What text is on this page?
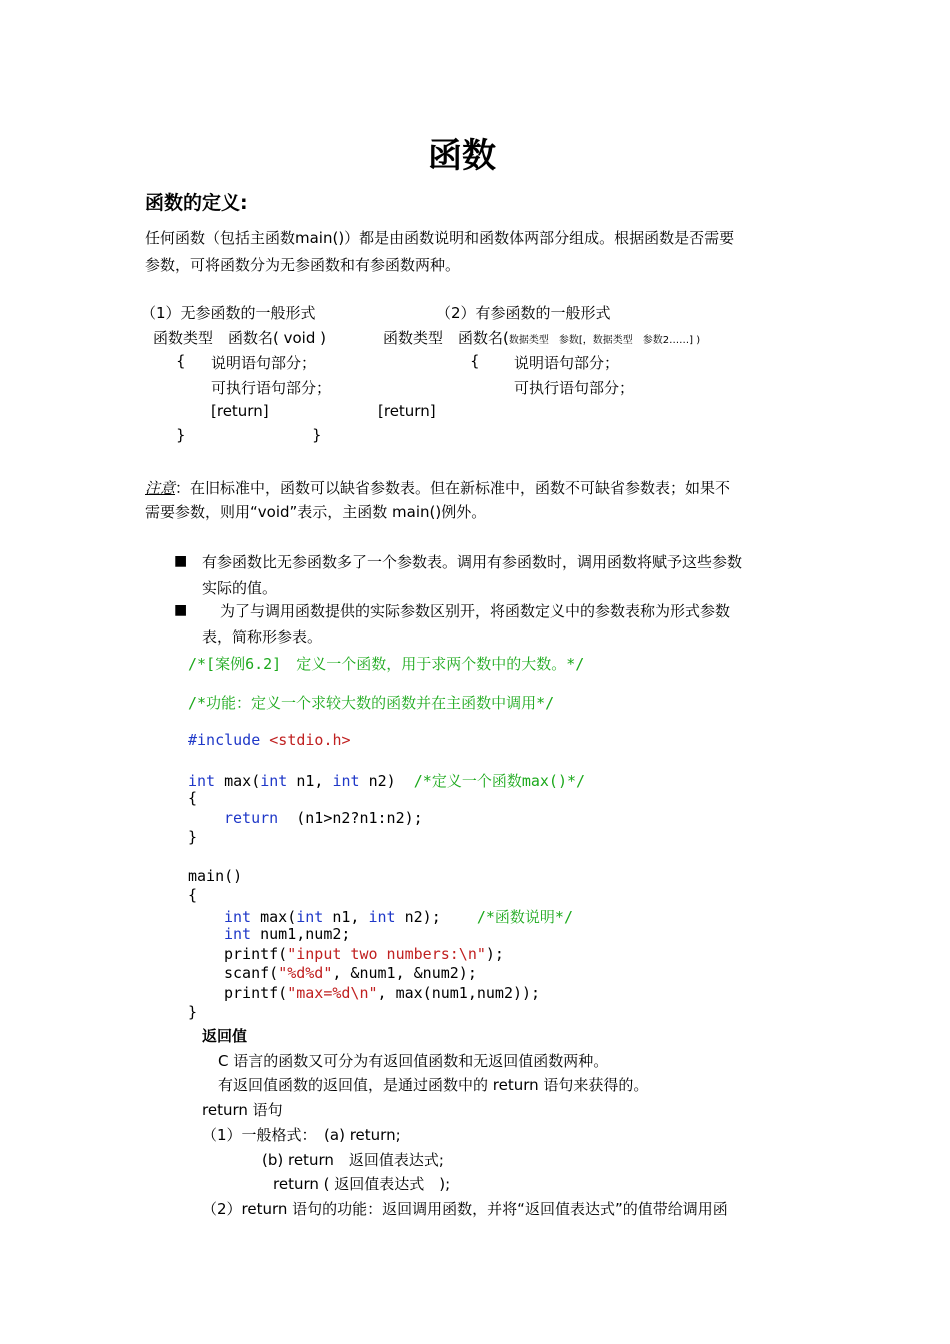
函数
函数的定义:
任何函数（包括主函数main()）都是由函数说明和函数体两部分组成。根据函数是否需要
参数，可将函数分为无参函数和有参函数两种。
（1）无参函数的一般形式	（2）有参函数的一般形式
函数类型　函数名( void )	函数类型　函数名(数据类型　参数[，数据类型　参数2……] )
{ 说明语句部分；	{ 说明语句部分；
可执行语句部分；	可执行语句部分；
[return]	[return]
}	}
注意：在旧标准中，函数可以缺省参数表。但在新标准中，函数不可缺省参数表；如果不
需要参数，则用“void”表示，主函数 main()例外。
■ 有参函数比无参函数多了一个参数表。调用有参函数时，调用函数将赋予这些参数
实际的值。
■ 为了与调用函数提供的实际参数区别开，将函数定义中的参数表称为形式参数
表，简称形参表。
/*[案例6.2]　定义一个函数，用于求两个数中的大数。*/
/*功能：定义一个求较大数的函数并在主函数中调用*/
#include <stdio.h>
int max(int n1, int n2) /*定义一个函数max()*/
{
return (n1>n2?n1:n2);
}
main()
{
int max(int n1, int n2); /*函数说明*/
int num1,num2;
printf("input two numbers:\n");
scanf("%d%d", &num1, &num2);
printf("max=%d\n", max(num1,num2));
}
返回值
C 语言的函数又可分为有返回值函数和无返回值函数两种。
有返回值函数的返回值，是通过函数中的 return 语句来获得的。
return 语句
（1）一般格式：　(a) return;
(b) return　返回值表达式;
return ( 返回值表达式　);
（2）return 语句的功能：返回调用函数，并将“返回值表达式”的值带给调用函
